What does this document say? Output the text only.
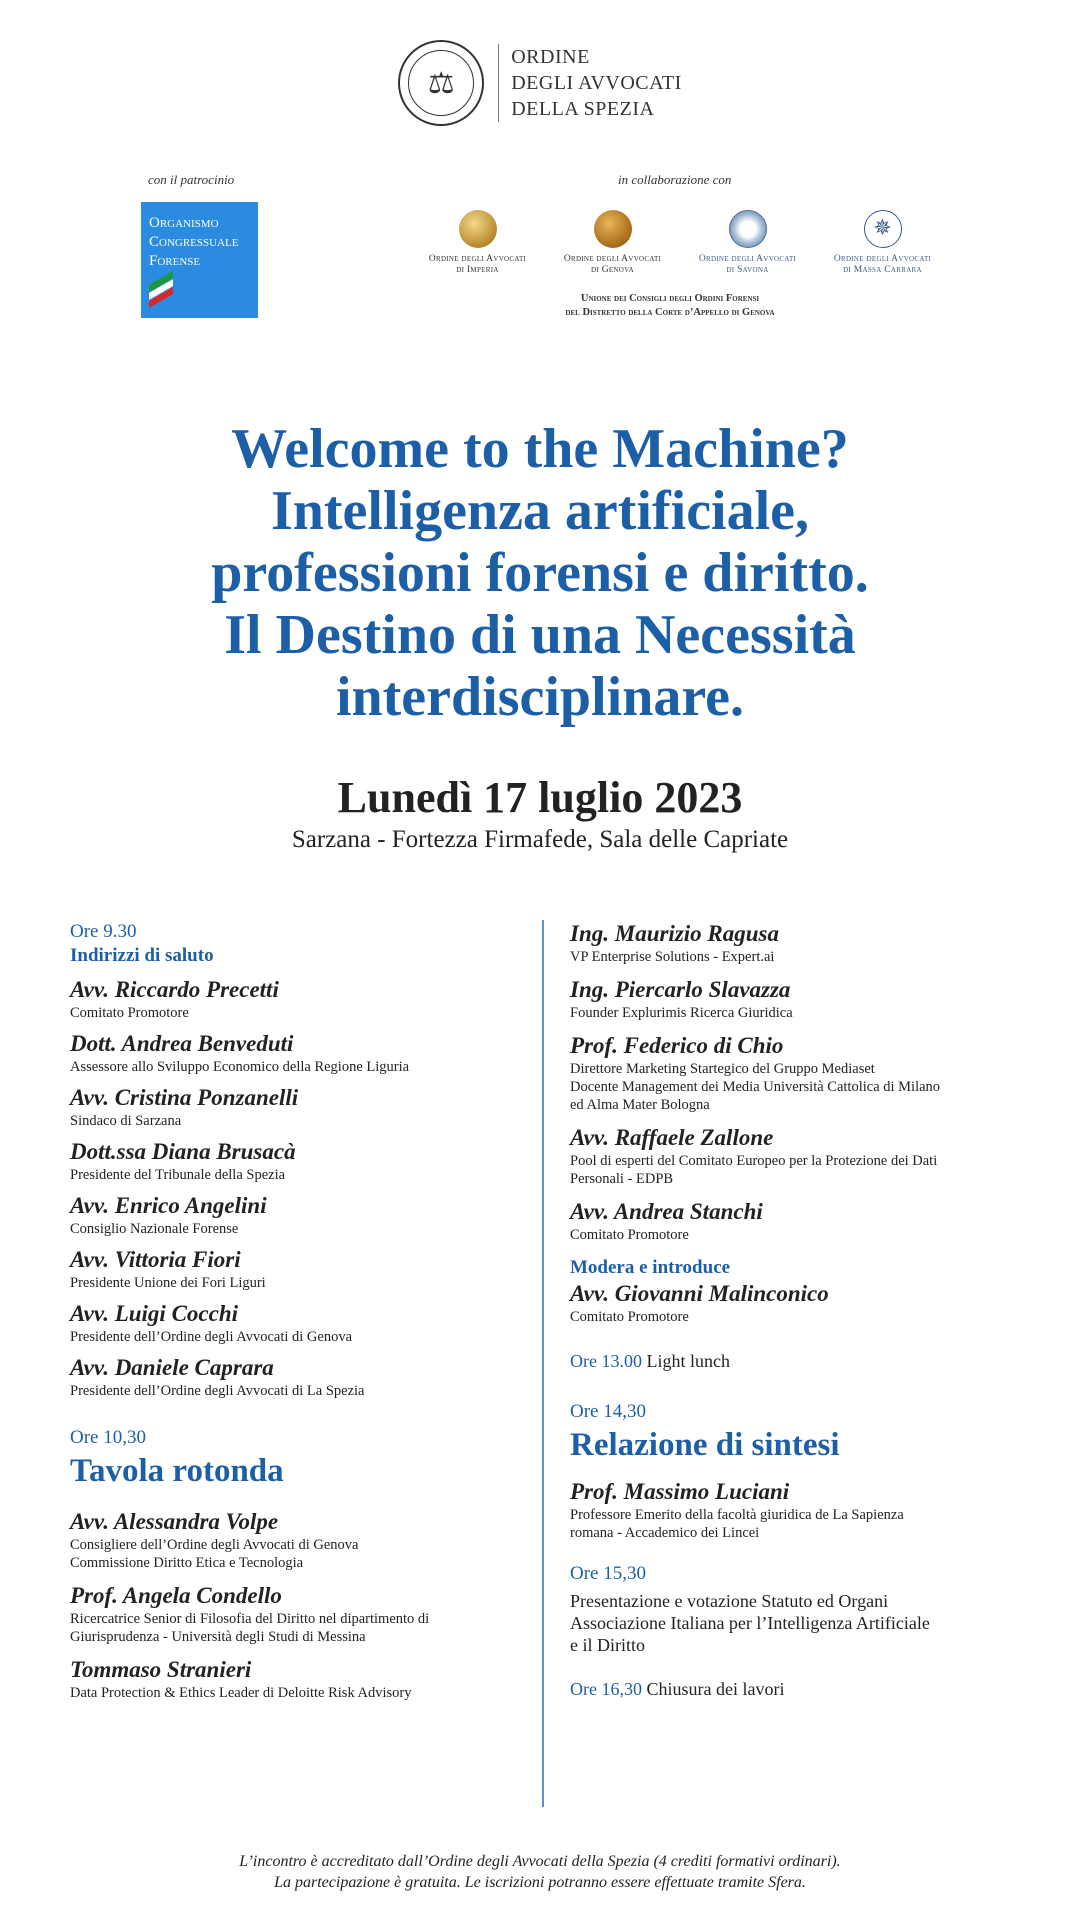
⚖
ORDINE
DEGLI AVVOCATI
DELLA SPEZIA
con il patrocinio
Organismo
Congressuale
Forense
in collaborazione con
Ordine degli Avvocati
di Imperia
Ordine degli Avvocati
di Genova
Ordine degli Avvocati
di Savona
✵
Ordine degli Avvocati
di Massa Carrara
Unione dei Consigli degli Ordini Forensi
del Distretto della Corte d’Appello di Genova
Welcome to the Machine?
Intelligenza artificiale,
professioni forensi e diritto.
Il Destino di una Necessità
interdisciplinare.
Lunedì 17 luglio 2023
Sarzana - Fortezza Firmafede, Sala delle Capriate
Ore 9.30
Indirizzi di saluto
Avv. Riccardo Precetti
Comitato Promotore
Dott. Andrea Benveduti
Assessore allo Sviluppo Economico della Regione Liguria
Avv. Cristina Ponzanelli
Sindaco di Sarzana
Dott.ssa Diana Brusacà
Presidente del Tribunale della Spezia
Avv. Enrico Angelini
Consiglio Nazionale Forense
Avv. Vittoria Fiori
Presidente Unione dei Fori Liguri
Avv. Luigi Cocchi
Presidente dell’Ordine degli Avvocati di Genova
Avv. Daniele Caprara
Presidente dell’Ordine degli Avvocati di La Spezia
Ore 10,30
Tavola rotonda
Avv. Alessandra Volpe
Consigliere dell’Ordine degli Avvocati di Genova
Commissione Diritto Etica e Tecnologia
Prof. Angela Condello
Ricercatrice Senior di Filosofia del Diritto nel dipartimento di
Giurisprudenza - Università degli Studi di Messina
Tommaso Stranieri
Data Protection & Ethics Leader di Deloitte Risk Advisory
Ing. Maurizio Ragusa
VP Enterprise Solutions - Expert.ai
Ing. Piercarlo Slavazza
Founder Explurimis Ricerca Giuridica
Prof. Federico di Chio
Direttore Marketing Startegico del Gruppo Mediaset
Docente Management dei Media Università Cattolica di Milano
ed Alma Mater Bologna
Avv. Raffaele Zallone
Pool di esperti del Comitato Europeo per la Protezione dei Dati
Personali - EDPB
Avv. Andrea Stanchi
Comitato Promotore
Modera e introduce
Avv. Giovanni Malinconico
Comitato Promotore
Ore 13.00 Light lunch
Ore 14,30
Relazione di sintesi
Prof. Massimo Luciani
Professore Emerito della facoltà giuridica de La Sapienza
romana - Accademico dei Lincei
Ore 15,30
Presentazione e votazione Statuto ed Organi
Associazione Italiana per l’Intelligenza Artificiale
e il Diritto
Ore 16,30 Chiusura dei lavori
L’incontro è accreditato dall’Ordine degli Avvocati della Spezia (4 crediti formativi ordinari).
La partecipazione è gratuita. Le iscrizioni potranno essere effettuate tramite Sfera.
